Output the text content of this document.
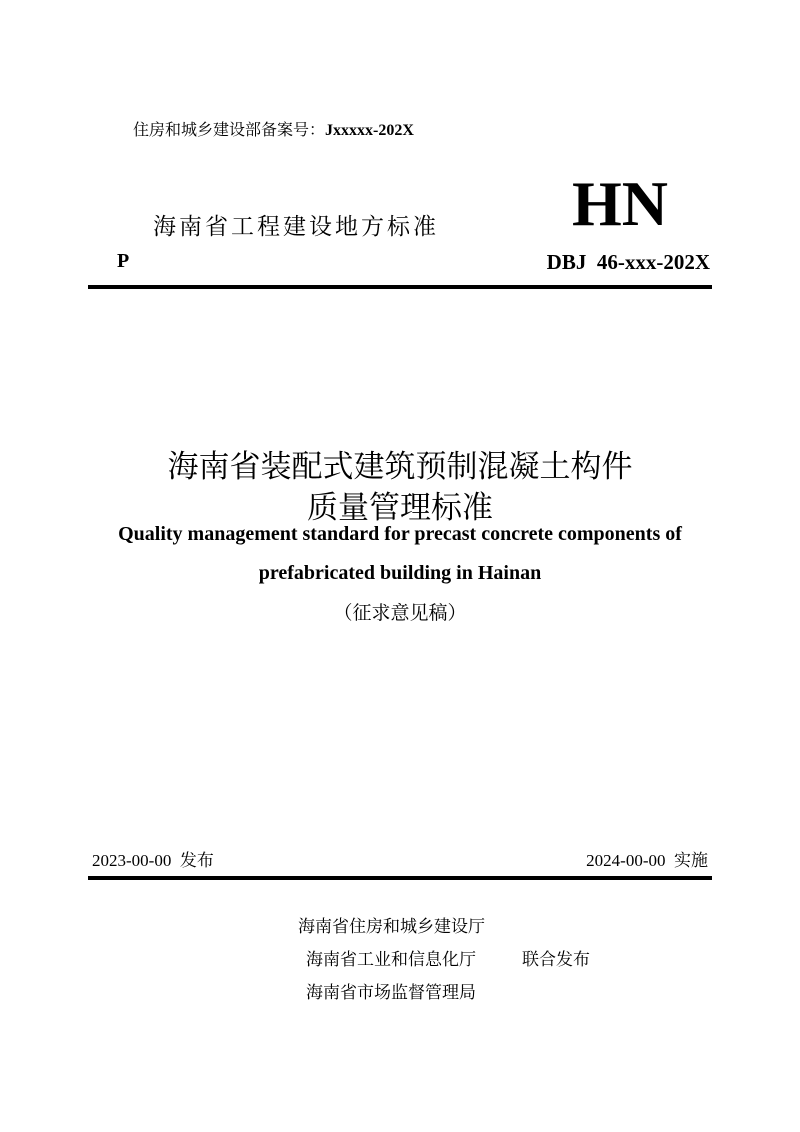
住房和城乡建设部备案号：Jxxxxx-202X
海南省工程建设地方标准 HN
P	DBJ  46-xxx-202X
海南省装配式建筑预制混凝土构件
质量管理标准
Quality management standard for precast concrete components of
prefabricated building in Hainan
（征求意见稿）
2023-00-00  发布	2024-00-00  实施
海南省住房和城乡建设厅
海南省工业和信息化厅
海南省市场监督管理局
联合发布
